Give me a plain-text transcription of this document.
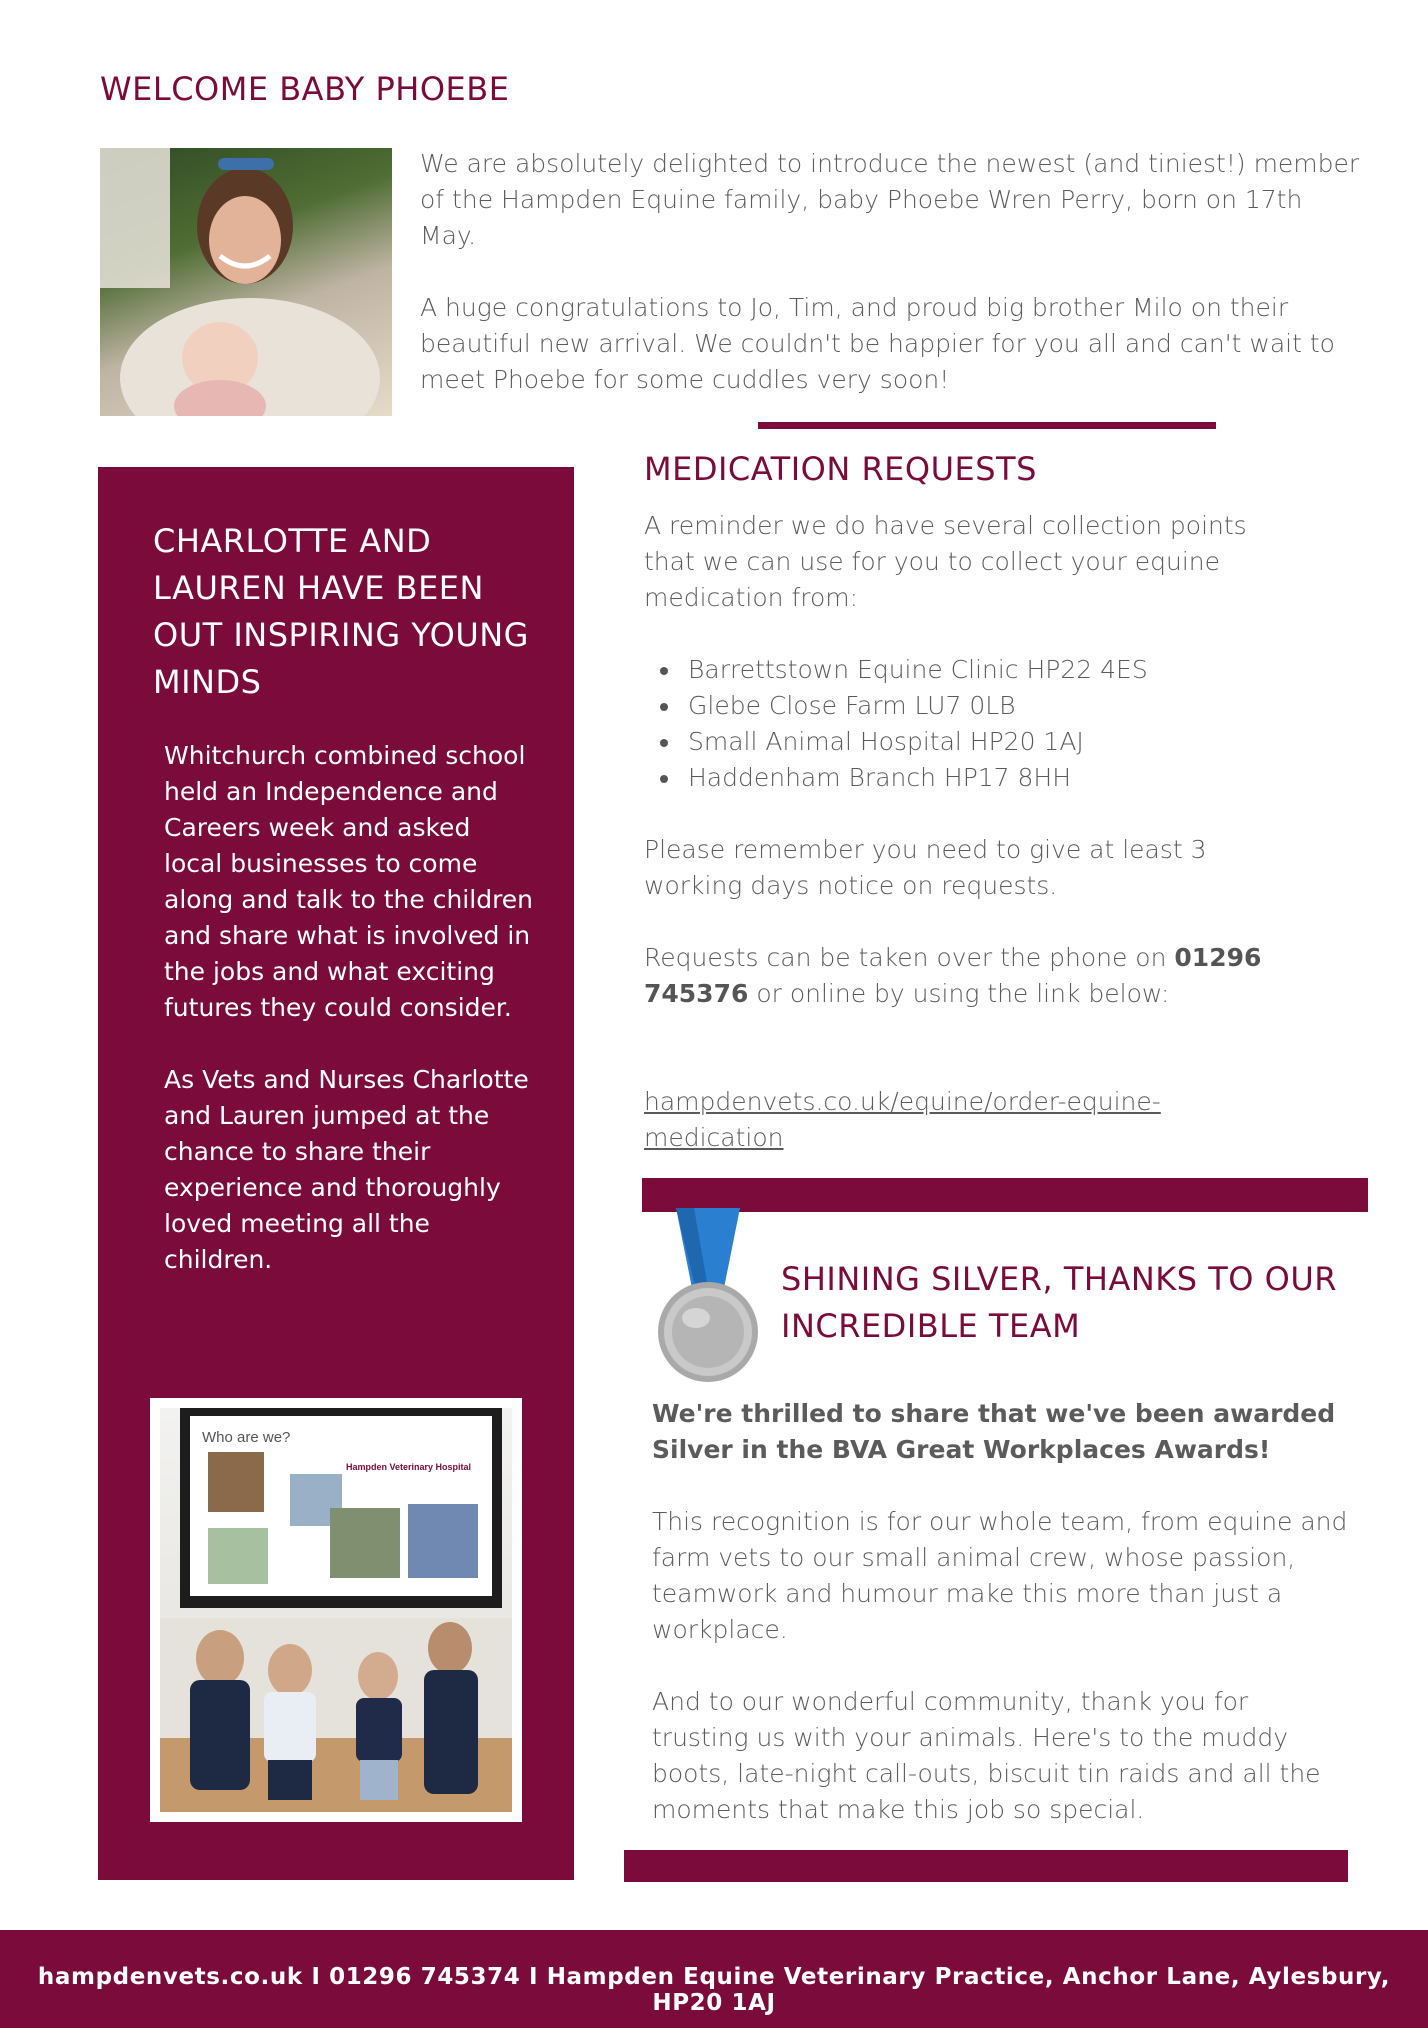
WELCOME BABY PHOEBE

We are absolutely delighted to introduce the newest (and tiniest!) member of the Hampden Equine family, baby Phoebe Wren Perry, born on 17th May.

A huge congratulations to Jo, Tim, and proud big brother Milo on their beautiful new arrival. We couldn't be happier for you all and can't wait to meet Phoebe for some cuddles very soon!

CHARLOTTE AND LAUREN HAVE BEEN OUT INSPIRING YOUNG MINDS

Whitchurch combined school held an Independence and Careers week and asked local businesses to come along and talk to the children and share what is involved in the jobs and what exciting futures they could consider.

As Vets and Nurses Charlotte and Lauren jumped at the chance to share their experience and thoroughly loved meeting all the children.

Who are we?
Hampden Veterinary Hospital
MEDICATION REQUESTS

A reminder we do have several collection points that we can use for you to collect your equine medication from:

Barrettstown Equine Clinic HP22 4ES
Glebe Close Farm LU7 0LB
Small Animal Hospital HP20 1AJ
Haddenham Branch HP17 8HH

Please remember you need to give at least 3 working days notice on requests.

Requests can be taken over the phone on 01296 745376 or online by using the link below:

hampdenvets.co.uk/equine/order-equine-medication
SHINING SILVER, THANKS TO OUR INCREDIBLE TEAM

We're thrilled to share that we've been awarded Silver in the BVA Great Workplaces Awards!

This recognition is for our whole team, from equine and farm vets to our small animal crew, whose passion, teamwork and humour make this more than just a workplace.

And to our wonderful community, thank you for trusting us with your animals. Here's to the muddy boots, late-night call-outs, biscuit tin raids and all the moments that make this job so special.

hampdenvets.co.uk I 01296 745374 I Hampden Equine Veterinary Practice, Anchor Lane, Aylesbury, HP20 1AJ
